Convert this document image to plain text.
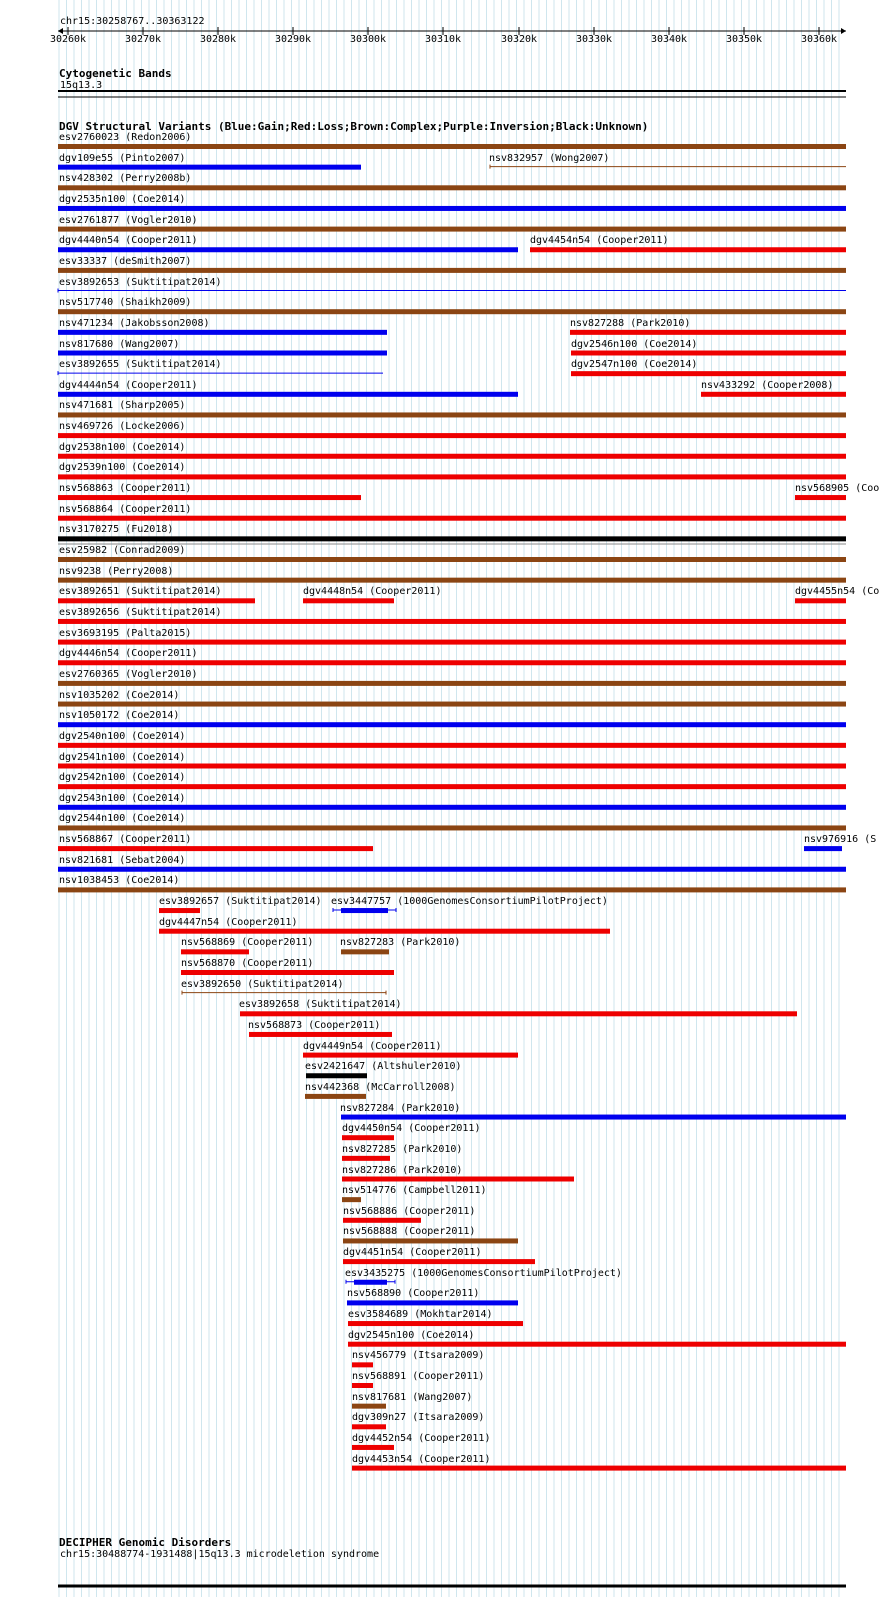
chr15:30258767..30363122
30260k	30270k	30280k	30290k	30300k	30310k	30320k	30330k	30340k	30350k	30360k
Cytogenetic Bands
15q13.3
DGV Structural Variants (Blue:Gain;Red:Loss;Brown:Complex;Purple:Inversion;Black:Unknown)
esv2760023 (Redon2006)
dgv109e55 (Pinto2007)	nsv832957 (Wong2007)
nsv428302 (Perry2008b)
dgv2535n100 (Coe2014)
esv2761877 (Vogler2010)
dgv4440n54 (Cooper2011)	dgv4454n54 (Cooper2011)
esv33337 (deSmith2007)
esv3892653 (Suktitipat2014)
nsv517740 (Shaikh2009)
nsv471234 (Jakobsson2008)	nsv827288 (Park2010)
nsv817680 (Wang2007)	dgv2546n100 (Coe2014)
esv3892655 (Suktitipat2014)	dgv2547n100 (Coe2014)
dgv4444n54 (Cooper2011)	nsv433292 (Cooper2008)
nsv471681 (Sharp2005)
nsv469726 (Locke2006)
dgv2538n100 (Coe2014)
dgv2539n100 (Coe2014)
nsv568863 (Cooper2011)	nsv568905 (Coo
nsv568864 (Cooper2011)
nsv3170275 (Fu2018)
esv25982 (Conrad2009)
nsv9238 (Perry2008)
esv3892651 (Suktitipat2014)	dgv4448n54 (Cooper2011)	dgv4455n54 (Co
esv3892656 (Suktitipat2014)
esv3693195 (Palta2015)
dgv4446n54 (Cooper2011)
esv2760365 (Vogler2010)
nsv1035202 (Coe2014)
nsv1050172 (Coe2014)
dgv2540n100 (Coe2014)
dgv2541n100 (Coe2014)
dgv2542n100 (Coe2014)
dgv2543n100 (Coe2014)
dgv2544n100 (Coe2014)
nsv568867 (Cooper2011)	nsv976916 (S
nsv821681 (Sebat2004)
nsv1038453 (Coe2014)
esv3892657 (Suktitipat2014) esv3447757 (1000GenomesConsortiumPilotProject)
dgv4447n54 (Cooper2011)
nsv568869 (Cooper2011)	nsv827283 (Park2010)
nsv568870 (Cooper2011)
esv3892650 (Suktitipat2014)
esv3892658 (Suktitipat2014)
nsv568873 (Cooper2011)
dgv4449n54 (Cooper2011)
esv2421647 (Altshuler2010)
nsv442368 (McCarroll2008)
nsv827284 (Park2010)
dgv4450n54 (Cooper2011)
nsv827285 (Park2010)
nsv827286 (Park2010)
nsv514776 (Campbell2011)
nsv568886 (Cooper2011)
nsv568888 (Cooper2011)
dgv4451n54 (Cooper2011)
esv3435275 (1000GenomesConsortiumPilotProject)
nsv568890 (Cooper2011)
esv3584689 (Mokhtar2014)
dgv2545n100 (Coe2014)
nsv456779 (Itsara2009)
nsv568891 (Cooper2011)
nsv817681 (Wang2007)
dgv309n27 (Itsara2009)
dgv4452n54 (Cooper2011)
dgv4453n54 (Cooper2011)
DECIPHER Genomic Disorders
chr15:30488774-1931488|15q13.3 microdeletion syndrome
